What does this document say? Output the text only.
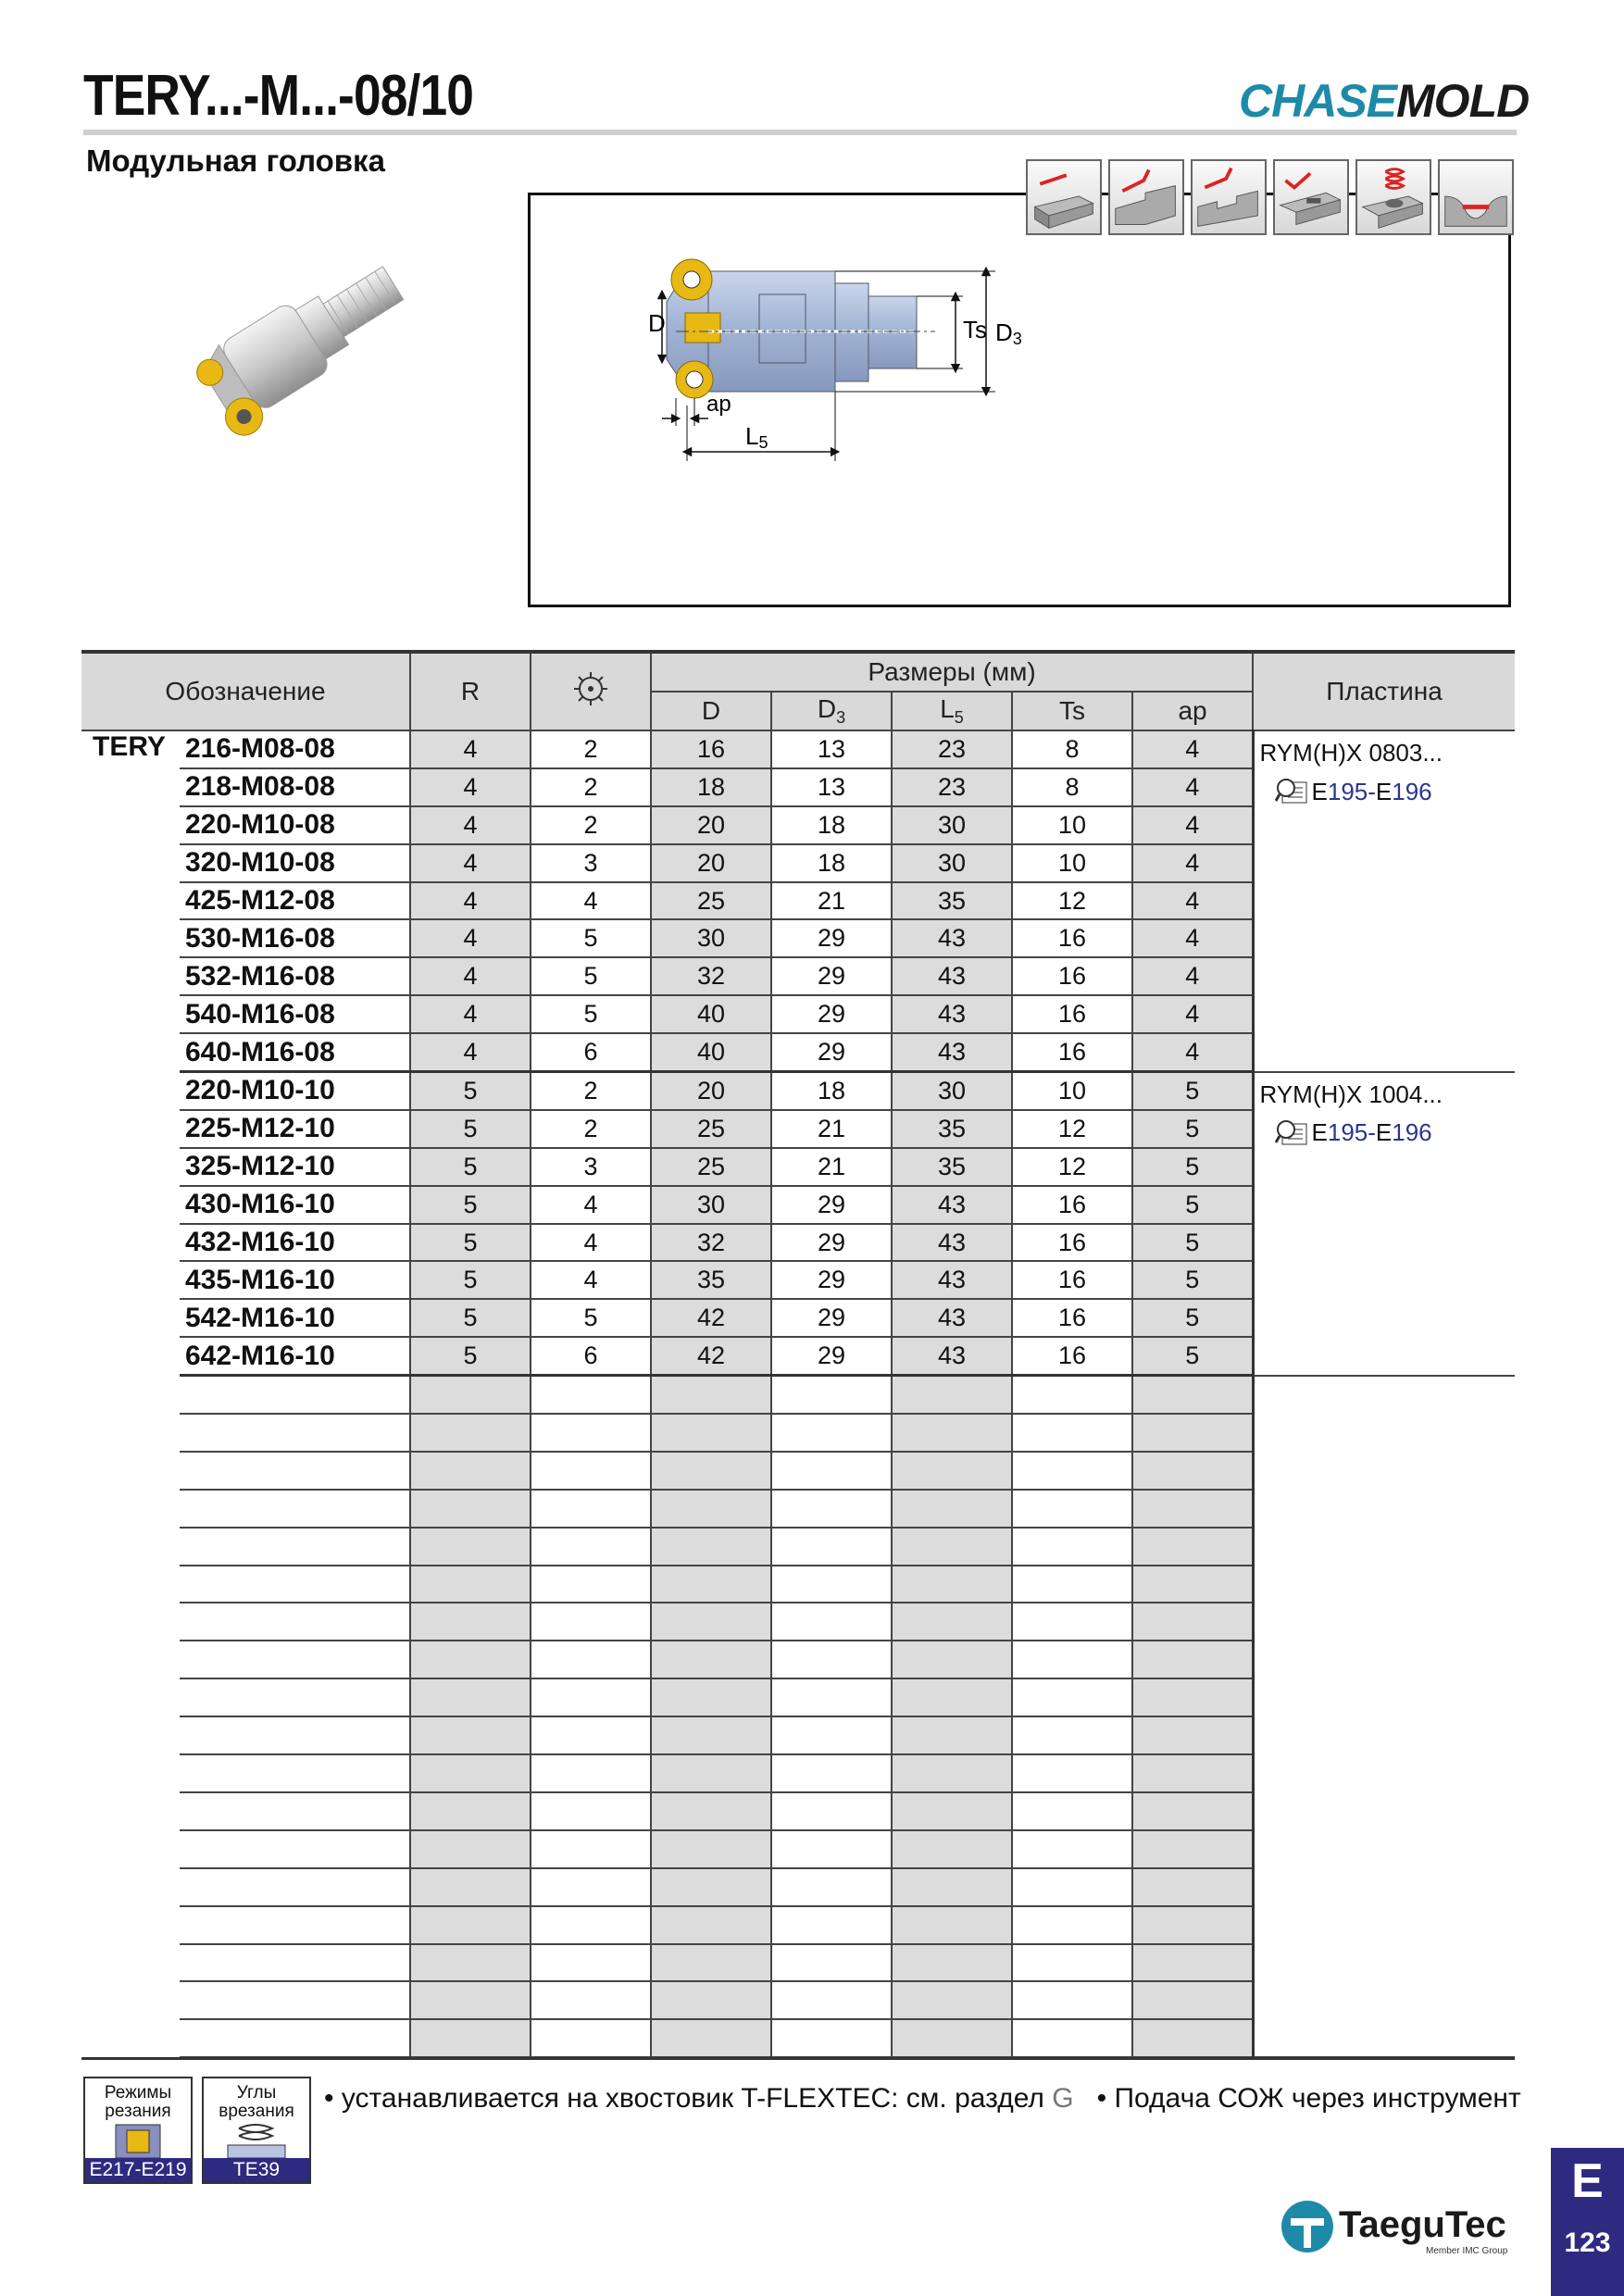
TERY...-M...-08/10
Модульная головка
CHASEMOLD
D	Ts D3
ap
L5
Обозначение		R		Размеры (мм)					Пластина
				D	$D_3$	$L_5$	Ts	ap	
TERY	216-M08-08	4	2	16	13	23	8	4	RYM(H)X 0803...
E195-E196

	218-M08-08	4	2	18	13	23	8	4	
	220-M10-08	4	2	20	18	30	10	4	
	320-M10-08	4	3	20	18	30	10	4	
	425-M12-08	4	4	25	21	35	12	4	
	530-M16-08	4	5	30	29	43	16	4	
	532-M16-08	4	5	32	29	43	16	4	
	540-M16-08	4	5	40	29	43	16	4	
	640-M16-08	4	6	40	29	43	16	4	
	220-M10-10	5	2	20	18	30	10	5	RYM(H)X 1004...
E195-E196

	225-M12-10	5	2	25	21	35	12	5	
	325-M12-10	5	3	25	21	35	12	5	
	430-M16-10	5	4	30	29	43	16	5	
	432-M16-10	5	4	32	29	43	16	5	
	435-M16-10	5	4	35	29	43	16	5	
	542-M16-10	5	5	42	29	43	16	5	
	642-M16-10	5	6	42	29	43	16	5	

Режимы
резания
E217-E219
Углы
врезания
TE39
• устанавливается на хвостовик T-FLEXTEC: см. раздел G • Подача СОЖ через инструмент
TaeguTec
Member IMC Group
E
123
